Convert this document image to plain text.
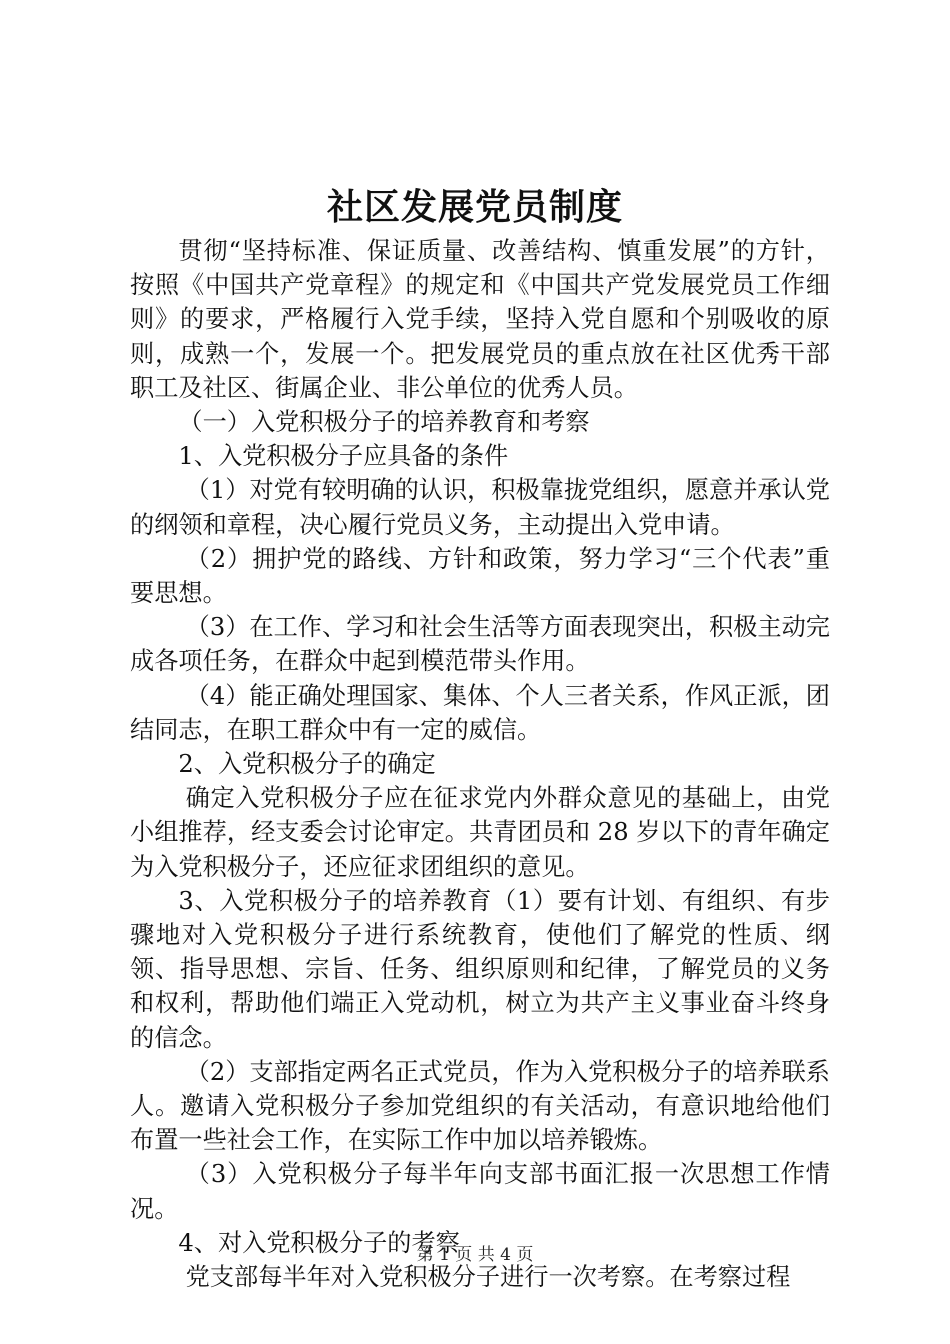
社区发展党员制度

贯彻“坚持标准、保证质量、改善结构、慎重发展”的方针，按照《中国共产党章程》的规定和《中国共产党发展党员工作细则》的要求，严格履行入党手续，坚持入党自愿和个别吸收的原则，成熟一个，发展一个。把发展党员的重点放在社区优秀干部职工及社区、街属企业、非公单位的优秀人员。

（一）入党积极分子的培养教育和考察

1、入党积极分子应具备的条件

（1）对党有较明确的认识，积极靠拢党组织，愿意并承认党的纲领和章程，决心履行党员义务，主动提出入党申请。

（2）拥护党的路线、方针和政策，努力学习“三个代表”重要思想。

（3）在工作、学习和社会生活等方面表现突出，积极主动完成各项任务，在群众中起到模范带头作用。

（4）能正确处理国家、集体、个人三者关系，作风正派，团结同志，在职工群众中有一定的威信。

2、入党积极分子的确定

确定入党积极分子应在征求党内外群众意见的基础上，由党小组推荐，经支委会讨论审定。共青团员和 28 岁以下的青年确定为入党积极分子，还应征求团组织的意见。

3、入党积极分子的培养教育（1）要有计划、有组织、有步骤地对入党积极分子进行系统教育，使他们了解党的性质、纲领、指导思想、宗旨、任务、组织原则和纪律，了解党员的义务和权利，帮助他们端正入党动机，树立为共产主义事业奋斗终身的信念。

（2）支部指定两名正式党员，作为入党积极分子的培养联系人。邀请入党积极分子参加党组织的有关活动，有意识地给他们布置一些社会工作，在实际工作中加以培养锻炼。

（3）入党积极分子每半年向支部书面汇报一次思想工作情况。

4、对入党积极分子的考察

党支部每半年对入党积极分子进行一次考察。在考察过程

第 1 页 共 4 页
